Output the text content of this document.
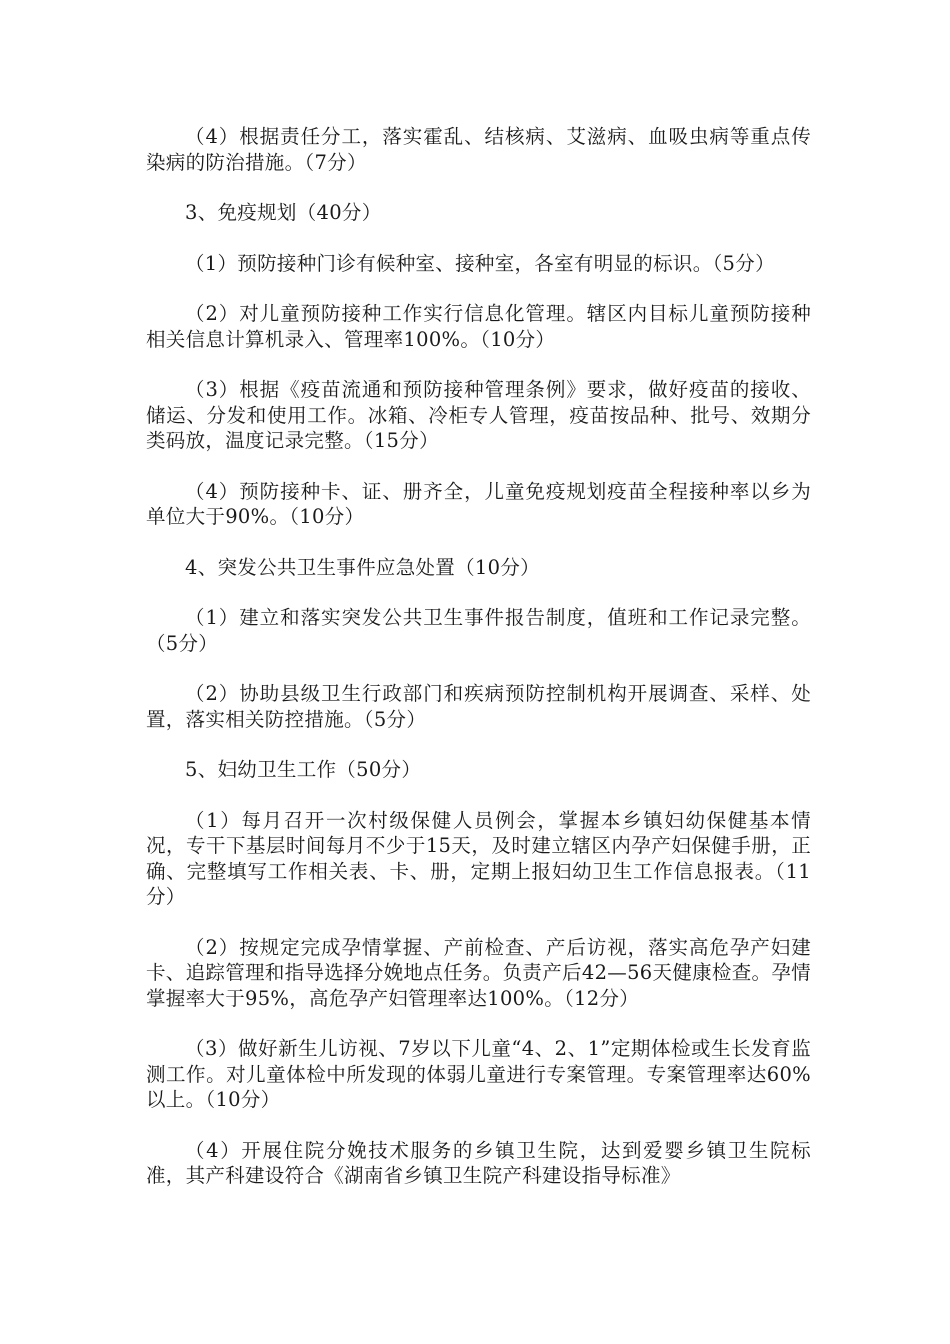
（4）根据责任分工，落实霍乱、结核病、艾滋病、血吸虫病等重点传染病的防治措施。（7分）

3、免疫规划（40分）

（1）预防接种门诊有候种室、接种室，各室有明显的标识。（5分）

（2）对儿童预防接种工作实行信息化管理。辖区内目标儿童预防接种相关信息计算机录入、管理率100%。（10分）

（3）根据《疫苗流通和预防接种管理条例》要求，做好疫苗的接收、储运、分发和使用工作。冰箱、冷柜专人管理，疫苗按品种、批号、效期分类码放，温度记录完整。（15分）

（4）预防接种卡、证、册齐全，儿童免疫规划疫苗全程接种率以乡为单位大于90%。（10分）

4、突发公共卫生事件应急处置（10分）

（1）建立和落实突发公共卫生事件报告制度，值班和工作记录完整。（5分）

（2）协助县级卫生行政部门和疾病预防控制机构开展调查、采样、处置，落实相关防控措施。（5分）

5、妇幼卫生工作（50分）

（1）每月召开一次村级保健人员例会，掌握本乡镇妇幼保健基本情况，专干下基层时间每月不少于15天，及时建立辖区内孕产妇保健手册，正确、完整填写工作相关表、卡、册，定期上报妇幼卫生工作信息报表。（11分）

（2）按规定完成孕情掌握、产前检查、产后访视，落实高危孕产妇建卡、追踪管理和指导选择分娩地点任务。负责产后42—56天健康检查。孕情掌握率大于95%，高危孕产妇管理率达100%。（12分）

（3）做好新生儿访视、7岁以下儿童“4、2、1”定期体检或生长发育监测工作。对儿童体检中所发现的体弱儿童进行专案管理。专案管理率达60%以上。（10分）

（4）开展住院分娩技术服务的乡镇卫生院，达到爱婴乡镇卫生院标准，其产科建设符合《湖南省乡镇卫生院产科建设指导标准》
